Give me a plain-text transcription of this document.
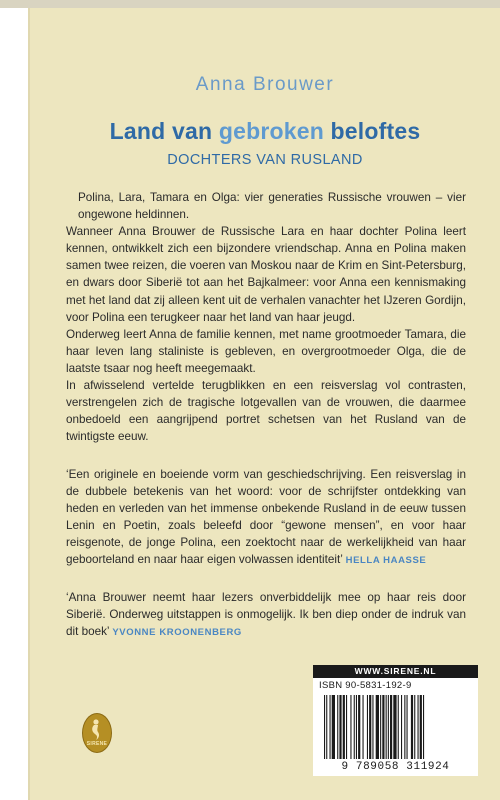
Anna Brouwer
Land van gebroken beloftes
DOCHTERS VAN RUSLAND

Polina, Lara, Tamara en Olga: vier generaties Russische vrouwen – vier ongewone heldinnen.

Wanneer Anna Brouwer de Russische Lara en haar dochter Polina leert kennen, ontwikkelt zich een bijzondere vriendschap. Anna en Polina maken samen twee reizen, die voeren van Moskou naar de Krim en Sint-Petersburg, en dwars door Siberië tot aan het Bajkalmeer: voor Anna een kennismaking met het land dat zij alleen kent uit de verhalen vanachter het IJzeren Gordijn, voor Polina een terugkeer naar het land van haar jeugd.

Onderweg leert Anna de familie kennen, met name grootmoeder Tamara, die haar leven lang staliniste is gebleven, en overgrootmoeder Olga, die de laatste tsaar nog heeft meegemaakt.

In afwisselend vertelde terugblikken en een reisverslag vol contrasten, verstrengelen zich de tragische lotgevallen van de vrouwen, die daarmee onbedoeld een aangrijpend portret schetsen van het Rusland van de twintigste eeuw.

‘Een originele en boeiende vorm van geschiedschrijving. Een reisverslag in de dubbele betekenis van het woord: voor de schrijfster ontdekking van heden en verleden van het immense onbekende Rusland in de eeuw tussen Lenin en Poetin, zoals beleefd door “gewone mensen”, en voor haar reisgenote, de jonge Polina, een zoektocht naar de werkelijkheid van haar geboorteland en naar haar eigen volwassen identiteit’ HELLA HAASSE
‘Anna Brouwer neemt haar lezers onverbiddelijk mee op haar reis door Siberië. Onderweg uitstappen is onmogelijk. Ik ben diep onder de indruk van dit boek’ YVONNE KROONENBERG
SIRENE
WWW.SIRENE.NL
ISBN 90-5831-192-9
9 789058 311924
